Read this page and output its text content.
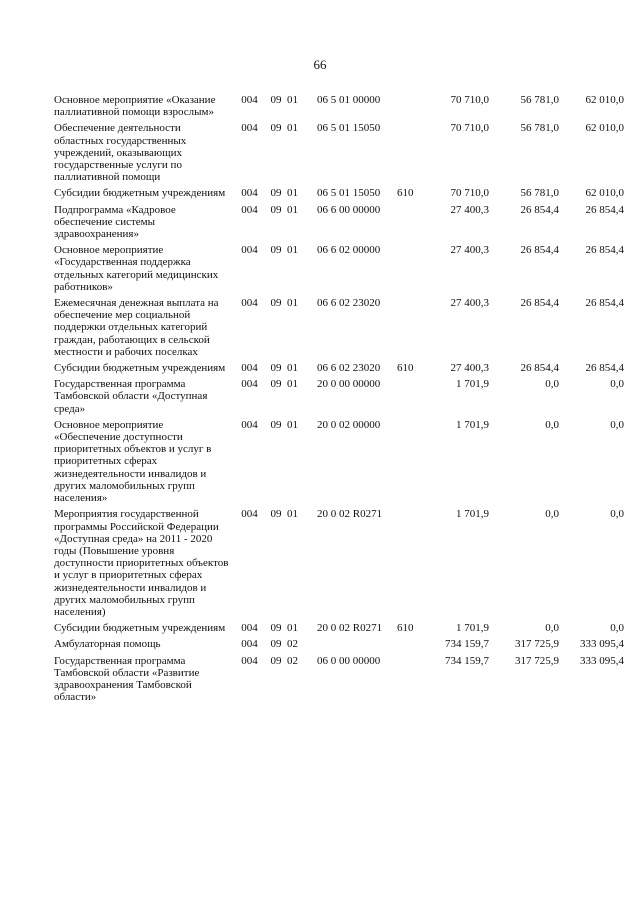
66
Основное мероприятие «Оказание паллиативной помощи взрослым»	004	09	01	06 5 01 00000		70 710,0	56 781,0	62 010,0
Обеспечение деятельности областных государственных учреждений, оказывающих государственные услуги по паллиативной помощи	004	09	01	06 5 01 15050		70 710,0	56 781,0	62 010,0
Субсидии бюджетным учреждениям	004	09	01	06 5 01 15050	610	70 710,0	56 781,0	62 010,0
Подпрограмма «Кадровое обеспечение системы здравоохранения»	004	09	01	06 6 00 00000		27 400,3	26 854,4	26 854,4
Основное мероприятие «Государственная поддержка отдельных категорий медицинских работников»	004	09	01	06 6 02 00000		27 400,3	26 854,4	26 854,4
Ежемесячная денежная выплата на обеспечение мер социальной поддержки отдельных категорий граждан, работающих в сельской местности и рабочих поселках	004	09	01	06 6 02 23020		27 400,3	26 854,4	26 854,4
Субсидии бюджетным учреждениям	004	09	01	06 6 02 23020	610	27 400,3	26 854,4	26 854,4
Государственная программа Тамбовской области «Доступная среда»	004	09	01	20 0 00 00000		1 701,9	0,0	0,0
Основное мероприятие «Обеспечение доступности приоритетных объектов и услуг в приоритетных сферах жизнедеятельности инвалидов и других маломобильных групп населения»	004	09	01	20 0 02 00000		1 701,9	0,0	0,0
Мероприятия государственной программы Российской Федерации «Доступная среда» на 2011 - 2020 годы (Повышение уровня доступности приоритетных объектов и услуг в приоритетных сферах жизнедеятельности инвалидов и других маломобильных групп населения)	004	09	01	20 0 02 R0271		1 701,9	0,0	0,0
Субсидии бюджетным учреждениям	004	09	01	20 0 02 R0271	610	1 701,9	0,0	0,0
Амбулаторная помощь	004	09	02			734 159,7	317 725,9	333 095,4
Государственная программа Тамбовской области «Развитие здравоохранения Тамбовской области»	004	09	02	06 0 00 00000		734 159,7	317 725,9	333 095,4
